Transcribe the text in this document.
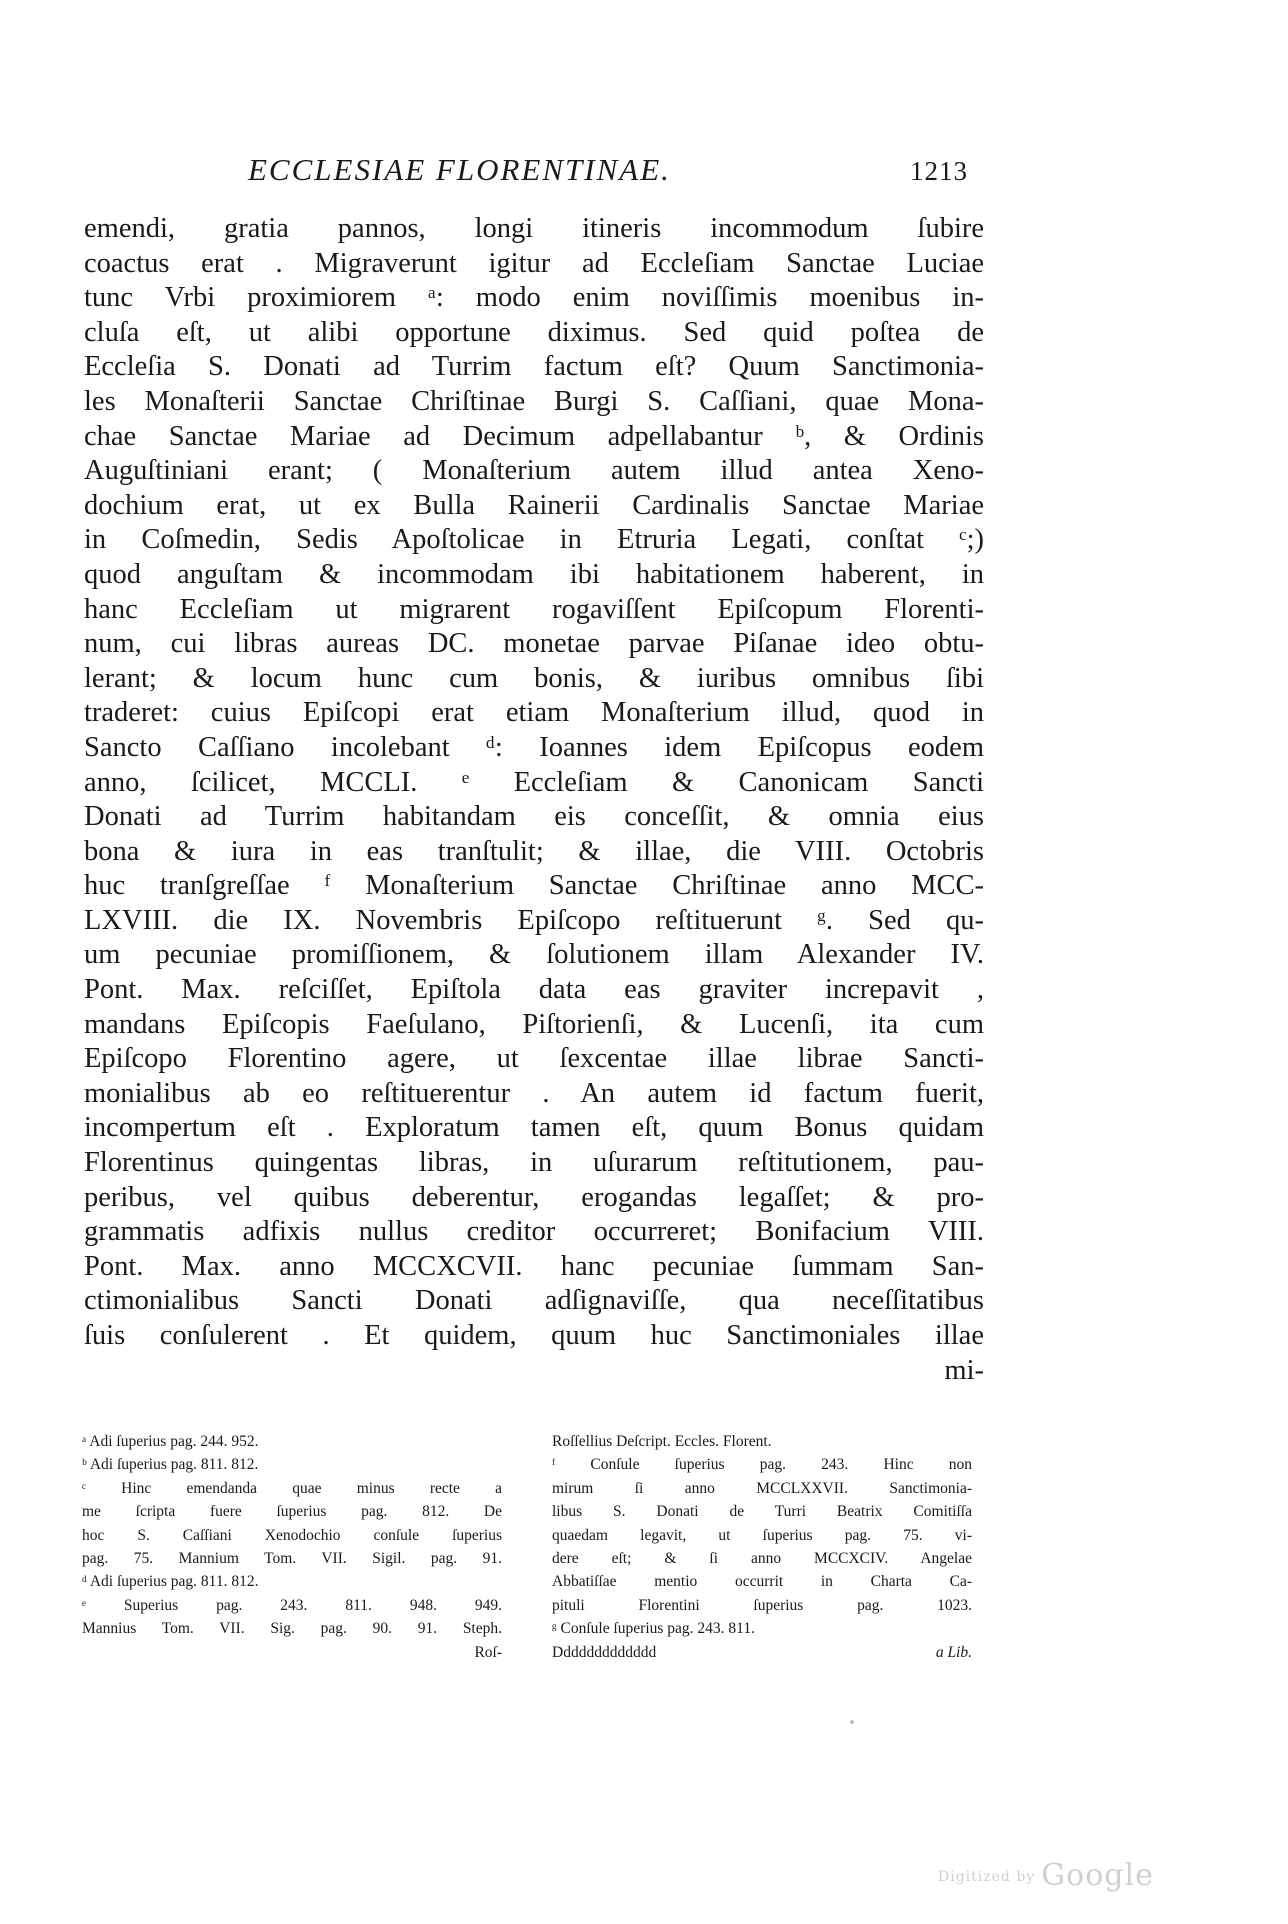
ECCLESIAE FLORENTINAE.	1213
emendi, gratia pannos, longi itineris incommodum ſubire
coactus erat . Migraverunt igitur ad Eccleſiam Sanctae Luciae
tunc Vrbi proximiorem ᵃ: modo enim noviſſimis moenibus in-
cluſa eſt, ut alibi opportune diximus. Sed quid poſtea de
Eccleſia S. Donati ad Turrim factum eſt? Quum Sanctimonia-
les Monaſterii Sanctae Chriſtinae Burgi S. Caſſiani, quae Mona-
chae Sanctae Mariae ad Decimum adpellabantur ᵇ, & Ordinis
Auguſtiniani erant; ( Monaſterium autem illud antea Xeno-
dochium erat, ut ex Bulla Rainerii Cardinalis Sanctae Mariae
in Coſmedin, Sedis Apoſtolicae in Etruria Legati, conſtat ᶜ;)
quod anguſtam & incommodam ibi habitationem haberent, in
hanc Eccleſiam ut migrarent rogaviſſent Epiſcopum Florenti-
num, cui libras aureas DC. monetae parvae Piſanae ideo obtu-
lerant; & locum hunc cum bonis, & iuribus omnibus ſibi
traderet: cuius Epiſcopi erat etiam Monaſterium illud, quod in
Sancto Caſſiano incolebant ᵈ: Ioannes idem Epiſcopus eodem
anno, ſcilicet, MCCLI. ᵉ Eccleſiam & Canonicam Sancti
Donati ad Turrim habitandam eis conceſſit, & omnia eius
bona & iura in eas tranſtulit; & illae, die VIII. Octobris
huc tranſgreſſae ᶠ Monaſterium Sanctae Chriſtinae anno MCC-
LXVIII. die IX. Novembris Epiſcopo reſtituerunt ᵍ. Sed qu-
um pecuniae promiſſionem, & ſolutionem illam Alexander IV.
Pont. Max. reſciſſet, Epiſtola data eas graviter increpavit ,
mandans Epiſcopis Faeſulano, Piſtorienſi, & Lucenſi, ita cum
Epiſcopo Florentino agere, ut ſexcentae illae librae Sancti-
monialibus ab eo reſtituerentur . An autem id factum fuerit,
incompertum eſt . Exploratum tamen eſt, quum Bonus quidam
Florentinus quingentas libras, in uſurarum reſtitutionem, pau-
peribus, vel quibus deberentur, erogandas legaſſet; & pro-
grammatis adfixis nullus creditor occurreret; Bonifacium VIII.
Pont. Max. anno MCCXCVII. hanc pecuniae ſummam San-
ctimonialibus Sancti Donati adſignaviſſe, qua neceſſitatibus
ſuis conſulerent . Et quidem, quum huc Sanctimoniales illae
mi-
ᵃ Adi ſuperius pag. 244. 952.
ᵇ Adi ſuperius pag. 811. 812.
ᶜ Hinc emendanda quae minus recte a
me ſcripta fuere ſuperius pag. 812. De
hoc S. Caſſiani Xenodochio conſule ſuperius
pag. 75. Mannium Tom. VII. Sigil. pag. 91.
ᵈ Adi ſuperius pag. 811. 812.
ᵉ Superius pag. 243. 811. 948. 949.
Mannius Tom. VII. Sig. pag. 90. 91. Steph.
Roſ-
Roſſellius Deſcript. Eccles. Florent.
ᶠ Conſule ſuperius pag. 243. Hinc non
mirum ſi anno MCCLXXVII. Sanctimonia-
libus S. Donati de Turri Beatrix Comitiſſa
quaedam legavit, ut ſuperius pag. 75. vi-
dere eſt; & ſi anno MCCXCIV. Angelae
Abbatiſſae mentio occurrit in Charta Ca-
pituli Florentini ſuperius pag. 1023.
ᵍ Conſule ſuperius pag. 243. 811.
Ddddddddddddd	a Lib.
Digitized by Google
